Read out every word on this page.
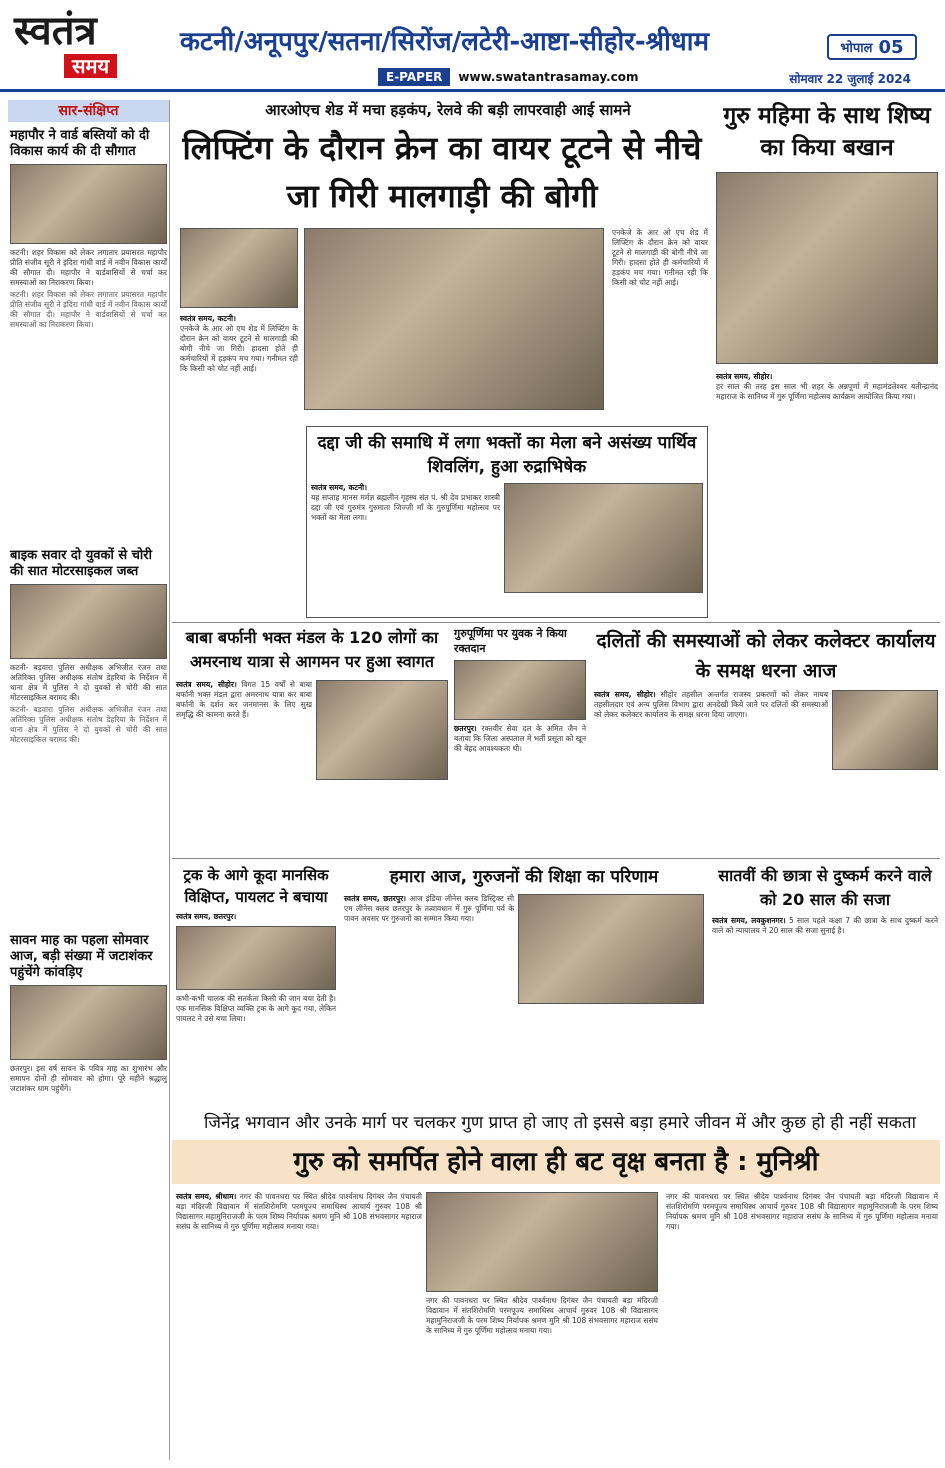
स्वतंत्र
समय
कटनी/अनूपपुर/सतना/सिरोंज/लटेरी-आष्टा-सीहोर-श्रीधाम	भोपाल 05
E-PAPER	www.swatantrasamay.com	सोमवार 22 जुलाई 2024
सार-संक्षिप्त
महापौर ने वार्ड बस्तियों को दी विकास कार्य की दी सौगात
कटनी। शहर विकास को लेकर लगातार प्रयासरत महापौर प्रीति संजीव सूरी ने इंदिरा गांधी वार्ड में नवीन विकास कार्यों की सौगात दी। महापौर ने वार्डवासियों से चर्चा कर समस्याओं का निराकरण किया।
कटनी। शहर विकास को लेकर लगातार प्रयासरत महापौर प्रीति संजीव सूरी ने इंदिरा गांधी वार्ड में नवीन विकास कार्यों की सौगात दी। महापौर ने वार्डवासियों से चर्चा कर समस्याओं का निराकरण किया।
बाइक सवार दो युवकों से चोरी की सात मोटरसाइकल जब्त
कटनी- बड़वारा पुलिस अधीक्षक अभिजीत रंजन तथा अतिरिक्त पुलिस अधीक्षक संतोष डेहरिया के निर्देशन में थाना क्षेत्र में पुलिस ने दो युवकों से चोरी की सात मोटरसाइकिल बरामद की।
कटनी- बड़वारा पुलिस अधीक्षक अभिजीत रंजन तथा अतिरिक्त पुलिस अधीक्षक संतोष डेहरिया के निर्देशन में थाना क्षेत्र में पुलिस ने दो युवकों से चोरी की सात मोटरसाइकिल बरामद की।
सावन माह का पहला सोमवार आज, बड़ी संख्या में जटाशंकर पहुंचेंगे कांवड़िए
छतरपुर। इस वर्ष सावन के पवित्र माह का शुभारंभ और समापन दोनों ही सोमवार को होगा। पूरे महीने श्रद्धालु जटाशंकर धाम पहुंचेंगे।
आरओएच शेड में मचा हड़कंप, रेलवे की बड़ी लापरवाही आई सामने
लिफ्टिंग के दौरान क्रेन का वायर टूटने से नीचे जा गिरी मालगाड़ी की बोगी
स्वतंत्र समय, कटनी।
एनकेजे के आर ओ एच शेड में लिफ्टिंग के दौरान क्रेन को वायर टूटने से मालगाड़ी की बोगी नीचे जा गिरी। हादसा होते ही कर्मचारियों में हड़कंप मच गया। गनीमत रही कि किसी को चोट नहीं आई।
एनकेजे के आर ओ एच शेड में लिफ्टिंग के दौरान क्रेन को वायर टूटने से मालगाड़ी की बोगी नीचे जा गिरी। हादसा होते ही कर्मचारियों में हड़कंप मच गया। गनीमत रही कि किसी को चोट नहीं आई।
गुरु महिमा के साथ शिष्य का किया बखान
स्वतंत्र समय, सीहोर।
हर साल की तरह इस साल भी शहर के अन्नपूर्णा में महामंडलेश्वर यतीन्द्रानंद महाराज के सानिध्य में गुरु पूर्णिमा महोत्सव कार्यक्रम आयोजित किया गया।
दद्दा जी की समाधि में लगा भक्तों का मेला बने असंख्य पार्थिव शिवलिंग, हुआ रुद्राभिषेक
स्वतंत्र समय, कटनी।
यह सप्ताह मानस मर्मज्ञ ब्रह्मलीन गृहस्थ संत पं. श्री देव प्रभाकर शास्त्री दद्दा जी एवं गुरुमंत्र गुरुमाता जिज्जी माँ के गुरुपूर्णिमा महोत्सव पर भक्तों का मेला लगा।
बाबा बर्फानी भक्त मंडल के 120 लोगों का अमरनाथ यात्रा से आगमन पर हुआ स्वागत
स्वतंत्र समय, सीहोर। विगत 15 वर्षों से बाबा बर्फानी भक्त मंडल द्वारा अमरनाथ यात्रा कर बाबा बर्फानी के दर्शन कर जनमानस के लिए सुख समृद्धि की कामना करते हैं।
गुरुपूर्णिमा पर युवक ने किया रक्तदान
छतरपुर। रक्तवीर सेवा दल के अमित जैन ने बताया कि जिला अस्पताल में भर्ती प्रसूता को खून की बेहद आवश्यकता थी।
दलितों की समस्याओं को लेकर कलेक्टर कार्यालय के समक्ष धरना आज
स्वतंत्र समय, सीहोर। सीहोर तहसील अन्तर्गत राजस्व प्रकरणों को लेकर नायब तहसीलदार एवं अन्य पुलिस विभाग द्वारा अनदेखी किये जाने पर दलितों की समस्याओं को लेकर कलेक्टर कार्यालय के समक्ष धरना दिया जाएगा।
ट्रक के आगे कूदा मानसिक विक्षिप्त, पायलट ने बचाया
स्वतंत्र समय, छतरपुर।
कभी-कभी चालक की सतर्कता किसी की जान बचा देती है। एक मानसिक विक्षिप्त व्यक्ति ट्रक के आगे कूद गया, लेकिन पायलट ने उसे बचा लिया।
हमारा आज, गुरुजनों की शिक्षा का परिणाम
स्वतंत्र समय, छतरपुर। आज इंडिया लीनेस क्लब डिस्ट्रिक्ट सी एम लीनेस क्लब छतरपुर के तत्वावधान में गुरु पूर्णिमा पर्व के पावन अवसर पर गुरुजनों का सम्मान किया गया।
सातवीं की छात्रा से दुष्कर्म करने वाले को 20 साल की सजा
स्वतंत्र समय, लवकुशनगर। 5 साल पहले कक्षा 7 की छात्रा के साथ दुष्कर्म करने वाले को न्यायालय ने 20 साल की सजा सुनाई है।
जिनेंद्र भगवान और उनके मार्ग पर चलकर गुण प्राप्त हो जाए तो इससे बड़ा हमारे जीवन में और कुछ हो ही नहीं सकता
गुरु को समर्पित होने वाला ही बट वृक्ष बनता है : मुनिश्री
स्वतंत्र समय, श्रीधाम। नगर की पावनधरा पर स्थित श्रीदेव पार्श्वनाथ दिगंबर जैन पंचायती बड़ा मंदिरजी विद्यावान में संतशिरोमणि परमपूज्य समाधिस्थ आचार्य गुरुवर 108 श्री विद्यासागर महामुनिराजजी के परम शिष्य निर्यापक श्रमण मुनि श्री 108 संभवसागर महाराज ससंघ के सानिध्य में गुरु पूर्णिमा महोत्सव मनाया गया।
नगर की पावनधरा पर स्थित श्रीदेव पार्श्वनाथ दिगंबर जैन पंचायती बड़ा मंदिरजी विद्यावान में संतशिरोमणि परमपूज्य समाधिस्थ आचार्य गुरुवर 108 श्री विद्यासागर महामुनिराजजी के परम शिष्य निर्यापक श्रमण मुनि श्री 108 संभवसागर महाराज ससंघ के सानिध्य में गुरु पूर्णिमा महोत्सव मनाया गया।
नगर की पावनधरा पर स्थित श्रीदेव पार्श्वनाथ दिगंबर जैन पंचायती बड़ा मंदिरजी विद्यावान में संतशिरोमणि परमपूज्य समाधिस्थ आचार्य गुरुवर 108 श्री विद्यासागर महामुनिराजजी के परम शिष्य निर्यापक श्रमण मुनि श्री 108 संभवसागर महाराज ससंघ के सानिध्य में गुरु पूर्णिमा महोत्सव मनाया गया।
